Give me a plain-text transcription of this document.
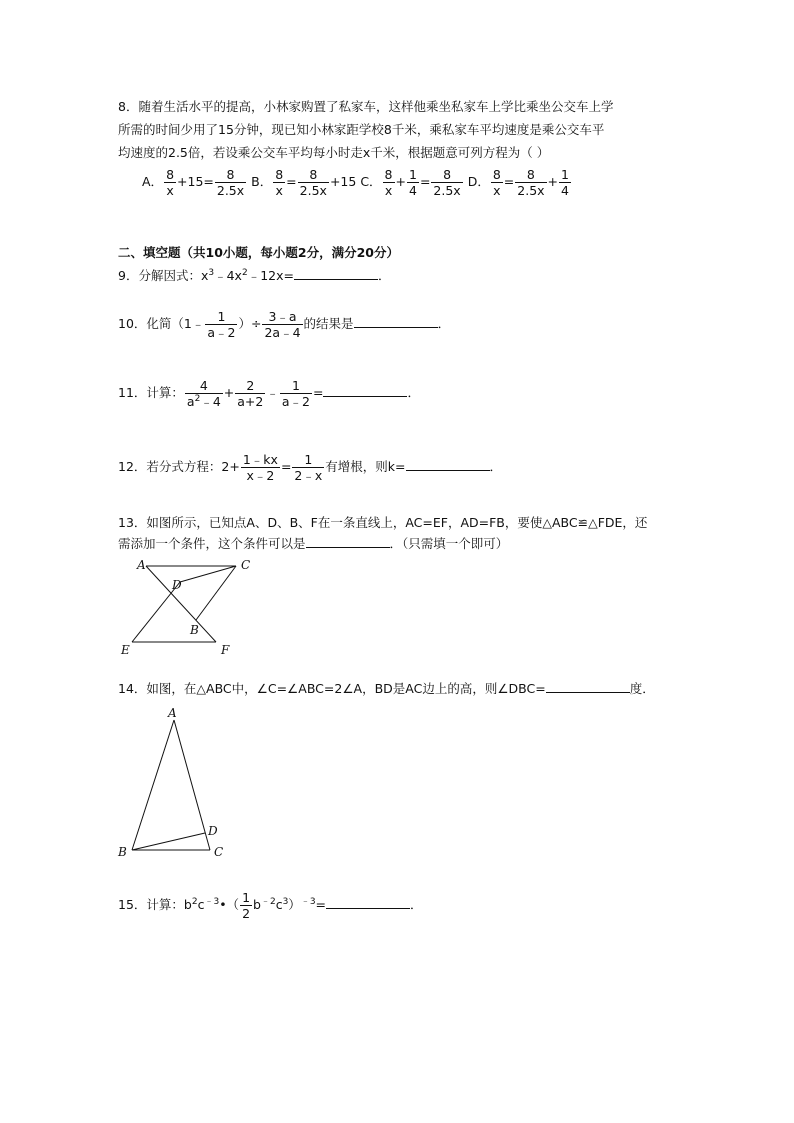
8．随着生活水平的提高，小林家购置了私家车，这样他乘坐私家车上学比乘坐公交车上学
所需的时间少用了15分钟，现已知小林家距学校8千米，乘私家车平均速度是乘公交车平
均速度的2.5倍，若设乘公交车平均每小时走x千米，根据题意可列方程为（ ）
A． $\frac{8}{x} +15= \frac{8}{2.5x}$ B． $\frac{8}{x} = \frac{8}{2.5x} +15$ C． $\frac{8}{x} + \frac{1}{4} = \frac{8}{2.5x}$ D． $\frac{8}{x} = \frac{8}{2.5x} + \frac{1}{4}$
二、填空题（共10小题，每小题2分，满分20分）
9．分解因式：$x^3﹣4x^2﹣12x=$	．
10．化简（1﹣ $\frac{1}{a﹣2}$ ）÷ $\frac{3﹣a}{2a﹣4}$ 的结果是	．
11．计算： $\frac{4}{a^2﹣4} + \frac{2}{a+2}$ ﹣ $\frac{1}{a﹣2}$ =	．
12．若分式方程：$2+ \frac{1﹣kx}{x﹣2} = \frac{1}{2﹣x}$ 有增根，则k=	．
13．如图所示，已知点A、D、B、F在一条直线上，AC=EF，AD=FB，要使△ABC≌△FDE，还
需添加一个条件，这个条件可以是	．（只需填一个即可）
A	C
D
B
E	F
14．如图，在△ABC中，∠C=∠ABC=2∠A，BD是AC边上的高，则∠DBC=	度．
A
B	C
D
15．计算：$b^2c^{﹣3}•( \frac{1}{2} b^{﹣2}c^3)^{﹣3}=$	．
